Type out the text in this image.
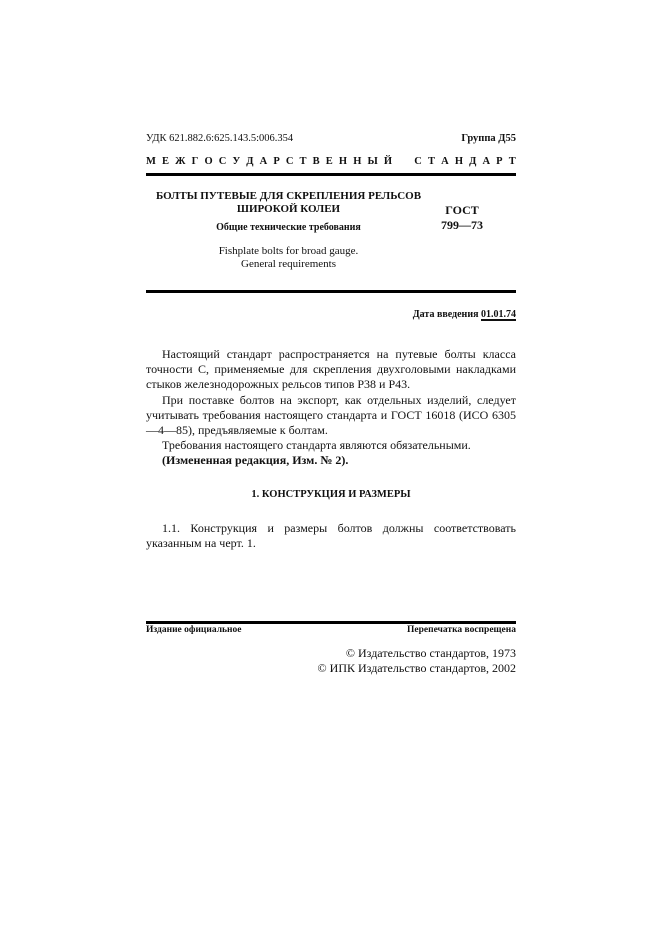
УДК 621.882.6:625.143.5:006.354	Группа Д55
М Е Ж Г О С У Д А Р С Т В Е Н Н Ы Й С Т А Н Д А Р Т
БОЛТЫ ПУТЕВЫЕ ДЛЯ СКРЕПЛЕНИЯ РЕЛЬСОВ
ШИРОКОЙ КОЛЕИ
Общие технические требования
Fishplate bolts for broad gauge.
General requirements
ГОСТ
799—73
Дата введения 01.01.74

Настоящий стандарт распространяется на путевые болты класса точности С, применяемые для скрепления двухголовыми накладками стыков железнодорожных рельсов типов Р38 и Р43.

При поставке болтов на экспорт, как отдельных изделий, следует учитывать требования настоящего стандарта и ГОСТ 16018 (ИСО 6305—4—85), предъявляемые к болтам.

Требования настоящего стандарта являются обязательными.

(Измененная редакция, Изм. № 2).

1. КОНСТРУКЦИЯ И РАЗМЕРЫ

1.1. Конструкция и размеры болтов должны соответствовать указанным на черт. 1.

Издание официальное	Перепечатка воспрещена
© Издательство стандартов, 1973
© ИПК Издательство стандартов, 2002
